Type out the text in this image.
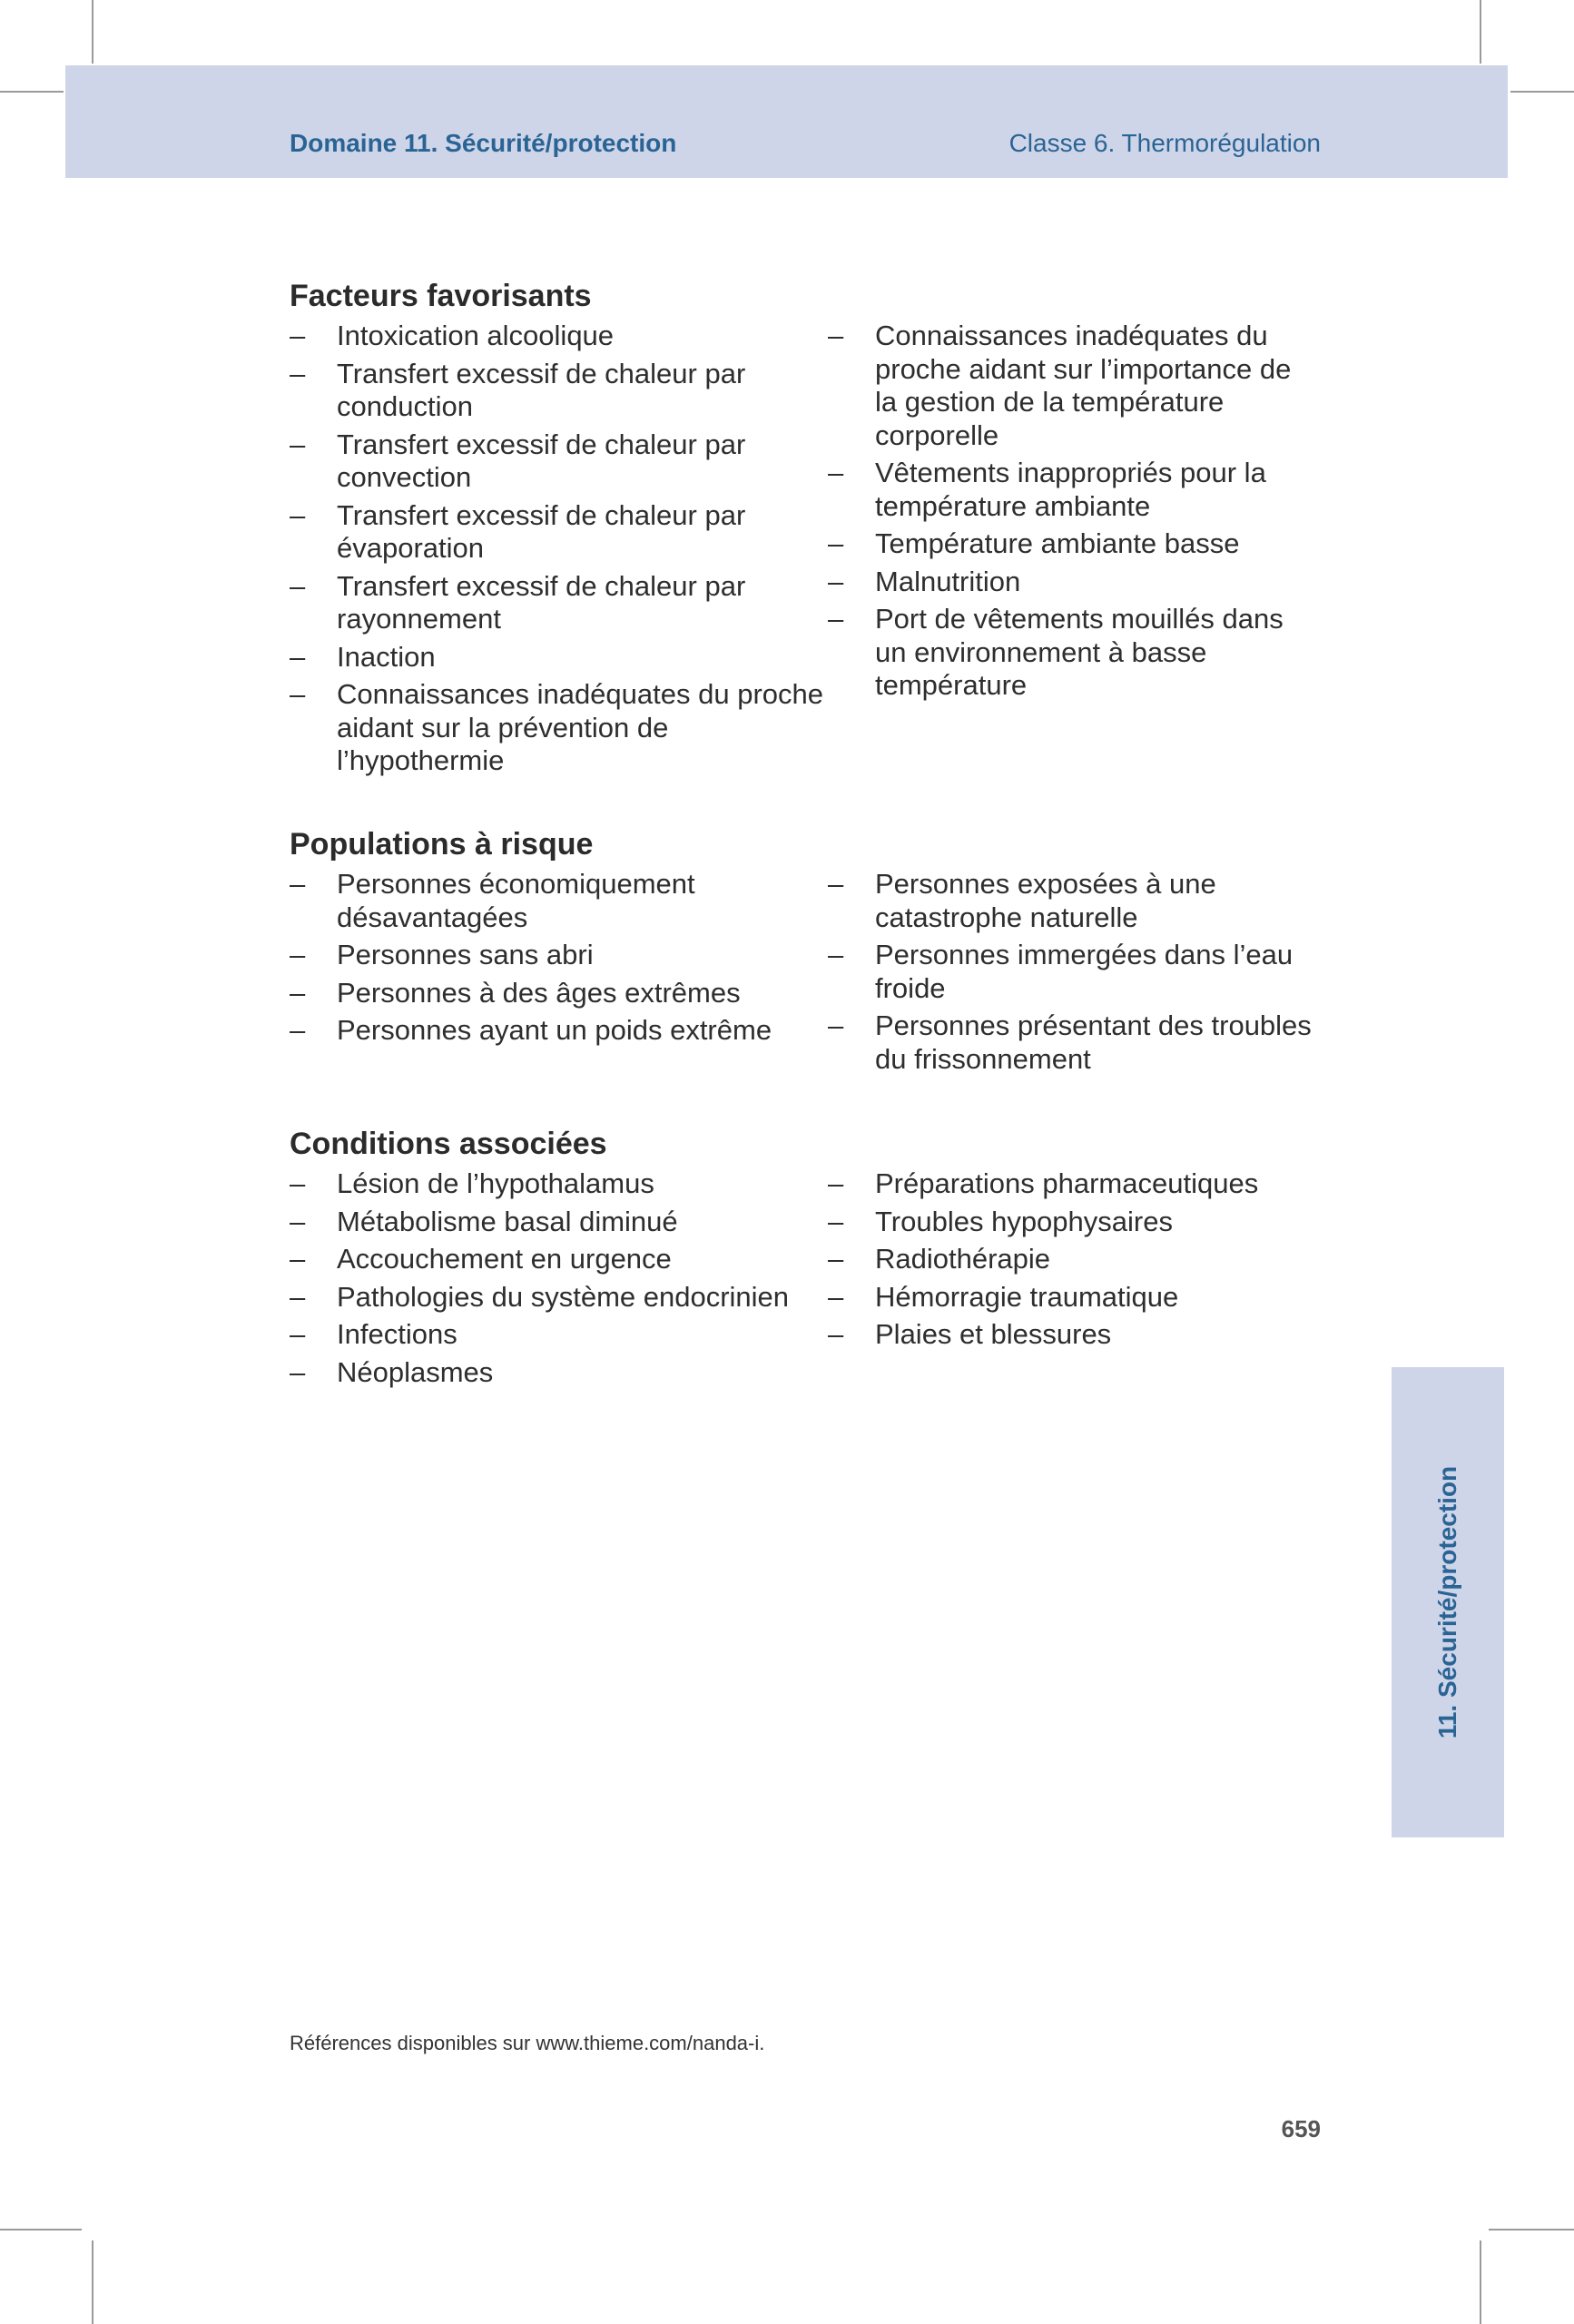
Domaine 11. Sécurité/protection	Classe 6. Thermorégulation
Facteurs favorisants
– Intoxication alcoolique
– Transfert excessif de chaleur par conduction
– Transfert excessif de chaleur par convection
– Transfert excessif de chaleur par évaporation
– Transfert excessif de chaleur par rayonnement
– Inaction
– Connaissances inadéquates du proche aidant sur la prévention de l’hypothermie
– Connaissances inadéquates du proche aidant sur l’importance de la gestion de la température corporelle
– Vêtements inappropriés pour la température ambiante
– Température ambiante basse
– Malnutrition
– Port de vêtements mouillés dans un environnement à basse température
Populations à risque
– Personnes économiquement désavantagées
– Personnes sans abri
– Personnes à des âges extrêmes
– Personnes ayant un poids extrême
– Personnes exposées à une catastrophe naturelle
– Personnes immergées dans l’eau froide
– Personnes présentant des troubles du frissonnement
Conditions associées
– Lésion de l’hypothalamus
– Métabolisme basal diminué
– Accouchement en urgence
– Pathologies du système endocrinien
– Infections
– Néoplasmes
– Préparations pharmaceutiques
– Troubles hypophysaires
– Radiothérapie
– Hémorragie traumatique
– Plaies et blessures
11. Sécurité/protection
Références disponibles sur www.thieme.com/nanda-i.
659
